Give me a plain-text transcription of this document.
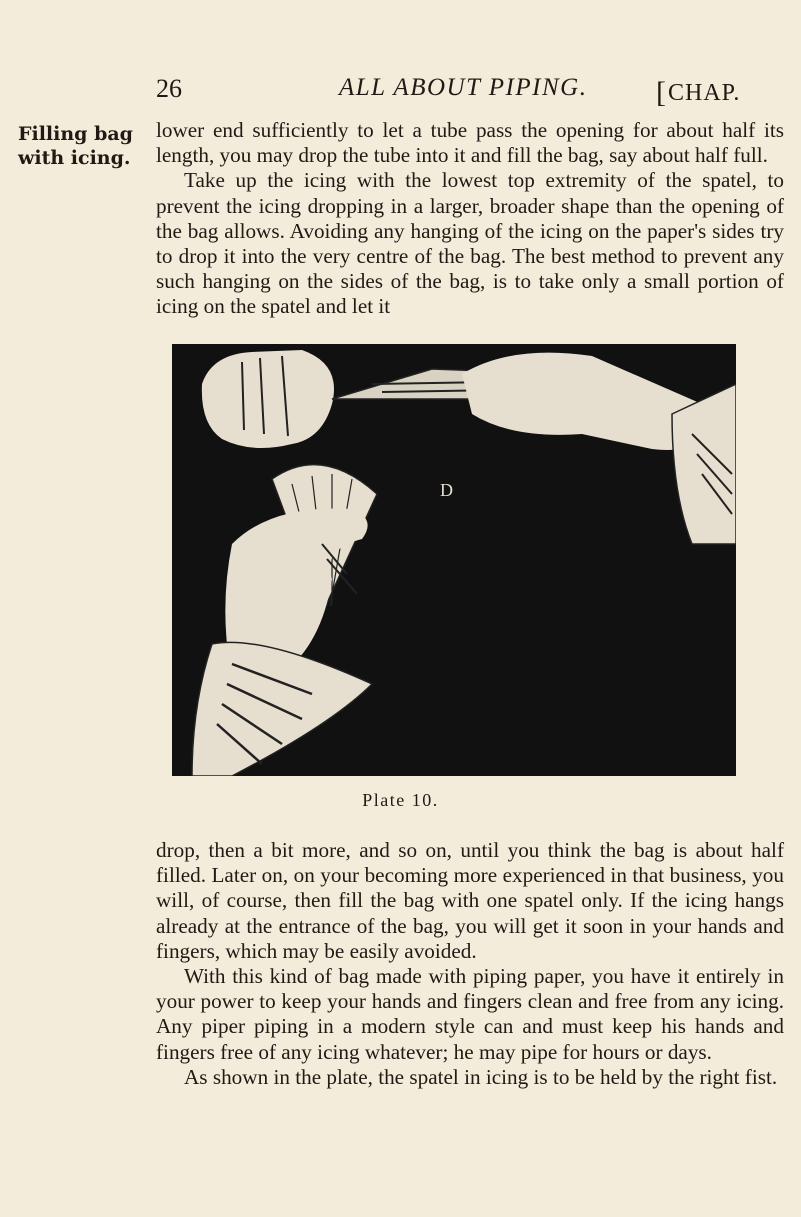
26	ALL ABOUT PIPING. [CHAP.
Filling bag
with icing.

lower end sufficiently to let a tube pass the opening for about half its length, you may drop the tube into it and fill the bag, say about half full.

Take up the icing with the lowest top extremity of the spatel, to prevent the icing dropping in a larger, broader shape than the opening of the bag allows. Avoiding any hanging of the icing on the paper's sides try to drop it into the very centre of the bag. The best method to prevent any such hanging on the sides of the bag, is to take only a small portion of icing on the spatel and let it

D
Plate 10.

drop, then a bit more, and so on, until you think the bag is about half filled. Later on, on your becoming more experienced in that business, you will, of course, then fill the bag with one spatel only. If the icing hangs already at the entrance of the bag, you will get it soon in your hands and fingers, which may be easily avoided.

With this kind of bag made with piping paper, you have it entirely in your power to keep your hands and fingers clean and free from any icing. Any piper piping in a modern style can and must keep his hands and fingers free of any icing whatever; he may pipe for hours or days.

As shown in the plate, the spatel in icing is to be held by the right fist.
